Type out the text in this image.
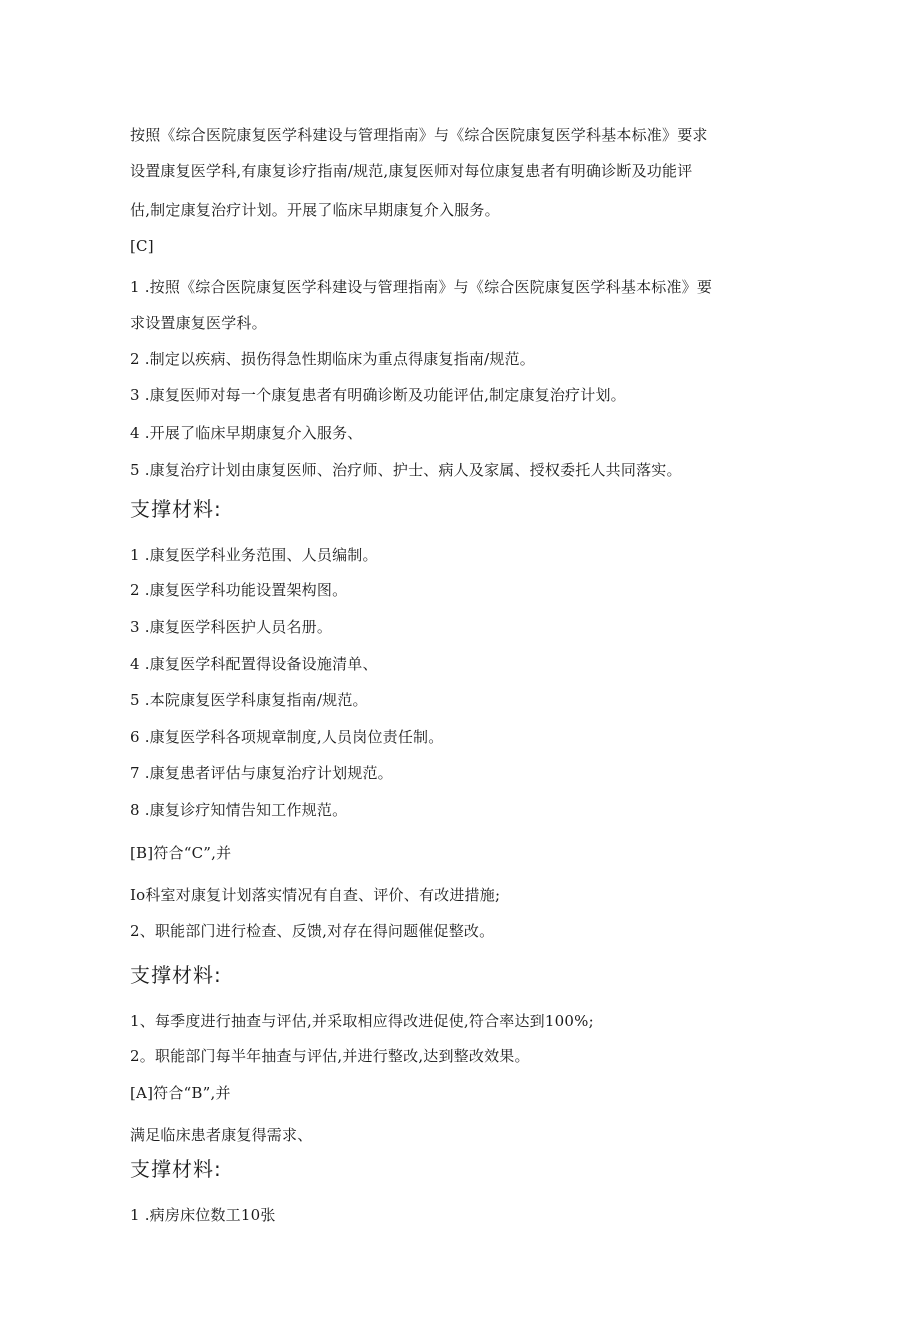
按照《综合医院康复医学科建设与管理指南》与《综合医院康复医学科基本标准》要求
设置康复医学科,有康复诊疗指南/规范,康复医师对每位康复患者有明确诊断及功能评
估,制定康复治疗计划。开展了临床早期康复介入服务。
[C]
1 .按照《综合医院康复医学科建设与管理指南》与《综合医院康复医学科基本标准》要
求设置康复医学科。
2 .制定以疾病、损伤得急性期临床为重点得康复指南/规范。
3 .康复医师对每一个康复患者有明确诊断及功能评估,制定康复治疗计划。
4 .开展了临床早期康复介入服务、
5 .康复治疗计划由康复医师、治疗师、护士、病人及家属、授权委托人共同落实。
支撑材料:
1 .康复医学科业务范围、人员编制。
2 .康复医学科功能设置架构图。
3 .康复医学科医护人员名册。
4 .康复医学科配置得设备设施清单、
5 .本院康复医学科康复指南/规范。
6 .康复医学科各项规章制度,人员岗位责任制。
7 .康复患者评估与康复治疗计划规范。
8 .康复诊疗知情告知工作规范。
[B]符合“C”,并
Io科室对康复计划落实情况有自查、评价、有改进措施;
2、职能部门进行检查、反馈,对存在得问题催促整改。
支撑材料:
1、每季度进行抽查与评估,并采取相应得改进促使,符合率达到100%;
2。职能部门每半年抽查与评估,并进行整改,达到整改效果。
[A]符合“B”,并
满足临床患者康复得需求、
支撑材料:
1 .病房床位数工10张
